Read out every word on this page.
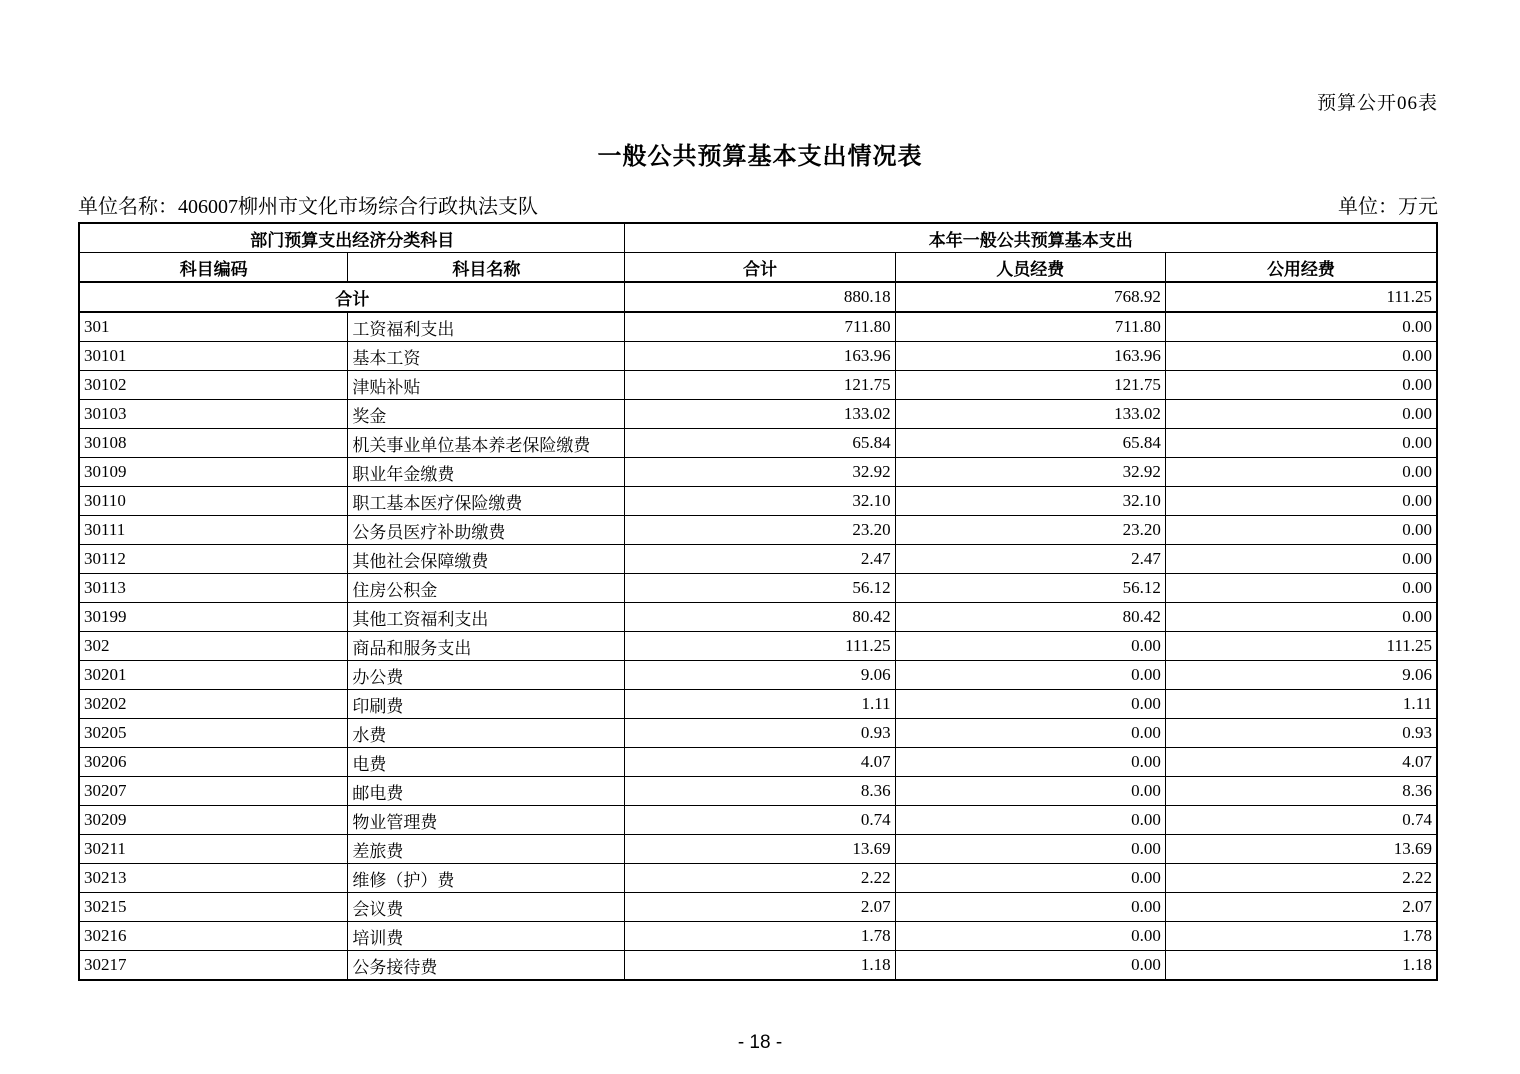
预算公开06表
一般公共预算基本支出情况表
单位名称：406007柳州市文化市场综合行政执法支队	单位：万元
部门预算支出经济分类科目		本年一般公共预算基本支出		
科目编码	科目名称	合计	人员经费	公用经费
合计		880.18	768.92	111.25
301	工资福利支出	711.80	711.80	0.00
30101	基本工资	163.96	163.96	0.00
30102	津贴补贴	121.75	121.75	0.00
30103	奖金	133.02	133.02	0.00
30108	机关事业单位基本养老保险缴费	65.84	65.84	0.00
30109	职业年金缴费	32.92	32.92	0.00
30110	职工基本医疗保险缴费	32.10	32.10	0.00
30111	公务员医疗补助缴费	23.20	23.20	0.00
30112	其他社会保障缴费	2.47	2.47	0.00
30113	住房公积金	56.12	56.12	0.00
30199	其他工资福利支出	80.42	80.42	0.00
302	商品和服务支出	111.25	0.00	111.25
30201	办公费	9.06	0.00	9.06
30202	印刷费	1.11	0.00	1.11
30205	水费	0.93	0.00	0.93
30206	电费	4.07	0.00	4.07
30207	邮电费	8.36	0.00	8.36
30209	物业管理费	0.74	0.00	0.74
30211	差旅费	13.69	0.00	13.69
30213	维修（护）费	2.22	0.00	2.22
30215	会议费	2.07	0.00	2.07
30216	培训费	1.78	0.00	1.78
30217	公务接待费	1.18	0.00	1.18
- 18 -
